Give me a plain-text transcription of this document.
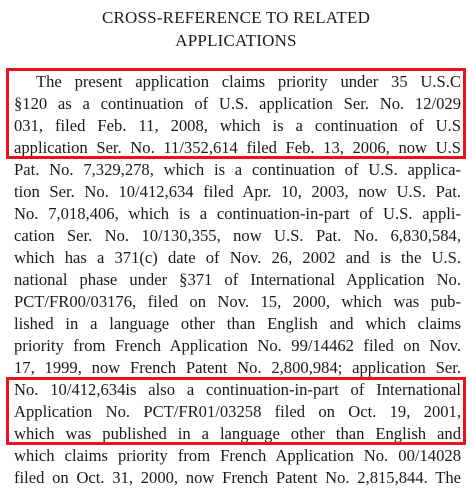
CROSS-REFERENCE TO RELATED
APPLICATIONS
The present application claims priority under 35 U.S.C
§120 as a continuation of U.S. application Ser. No. 12/029
031, filed Feb. 11, 2008, which is a continuation of U.S
application Ser. No. 11/352,614 filed Feb. 13, 2006, now U.S
Pat. No. 7,329,278, which is a continuation of U.S. applica-
tion Ser. No. 10/412,634 filed Apr. 10, 2003, now U.S. Pat.
No. 7,018,406, which is a continuation-in-part of U.S. appli-
cation Ser. No. 10/130,355, now U.S. Pat. No. 6,830,584,
which has a 371(c) date of Nov. 26, 2002 and is the U.S.
national phase under §371 of International Application No.
PCT/FR00/03176, filed on Nov. 15, 2000, which was pub-
lished in a language other than English and which claims
priority from French Application No. 99/14462 filed on Nov.
17, 1999, now French Patent No. 2,800,984; application Ser.
No. 10/412,634is also a continuation-in-part of International
Application No. PCT/FR01/03258 filed on Oct. 19, 2001,
which was published in a language other than English and
which claims priority from French Application No. 00/14028
filed on Oct. 31, 2000, now French Patent No. 2,815,844. The
